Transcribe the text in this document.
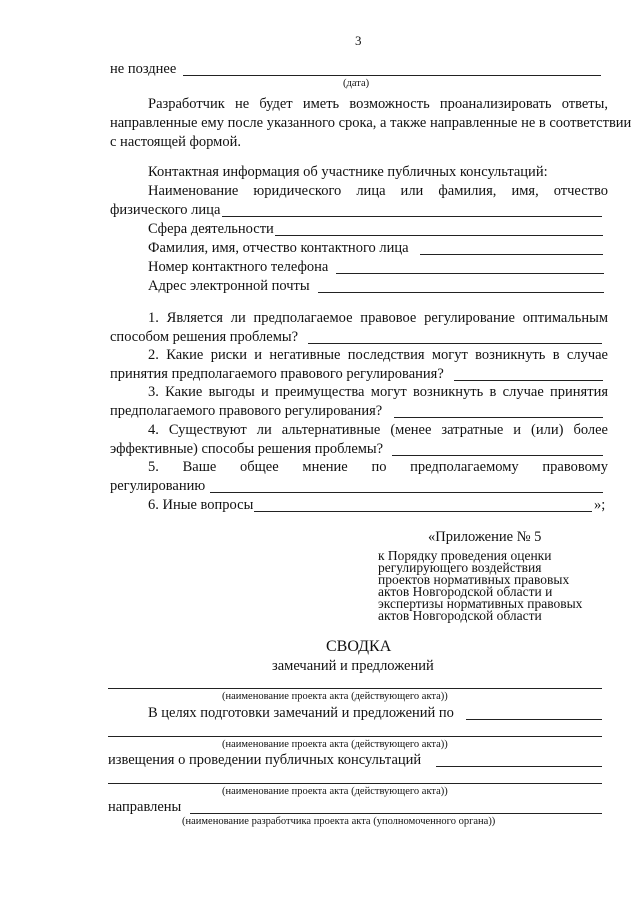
3
не позднее
(дата)
Разработчик не будет иметь возможность проанализировать ответы,
направленные ему после указанного срока, а также направленные не в соответствии
с настоящей формой.
Контактная информация об участнике публичных консультаций:
Наименование юридического лица или фамилия, имя, отчество
физического лица
Сфера деятельности
Фамилия, имя, отчество контактного лица
Номер контактного телефона
Адрес электронной почты
1. Является ли предполагаемое правовое регулирование оптимальным
способом решения проблемы?
2. Какие риски и негативные последствия могут возникнуть в случае
принятия предполагаемого правового регулирования?
3. Какие выгоды и преимущества могут возникнуть в случае принятия
предполагаемого правового регулирования?
4. Существуют ли альтернативные (менее затратные и (или) более
эффективные) способы решения проблемы?
5. Ваше общее мнение по предполагаемому правовому
регулированию
6. Иные вопросы	»;
«Приложение № 5
к Порядку проведения оценки
регулирующего воздействия
проектов нормативных правовых
актов Новгородской области и
экспертизы нормативных правовых
актов Новгородской области
СВОДКА
замечаний и предложений
(наименование проекта акта (действующего акта))
В целях подготовки замечаний и предложений по
(наименование проекта акта (действующего акта))
извещения о проведении публичных консультаций
(наименование проекта акта (действующего акта))
направлены
(наименование разработчика проекта акта (уполномоченного органа))
